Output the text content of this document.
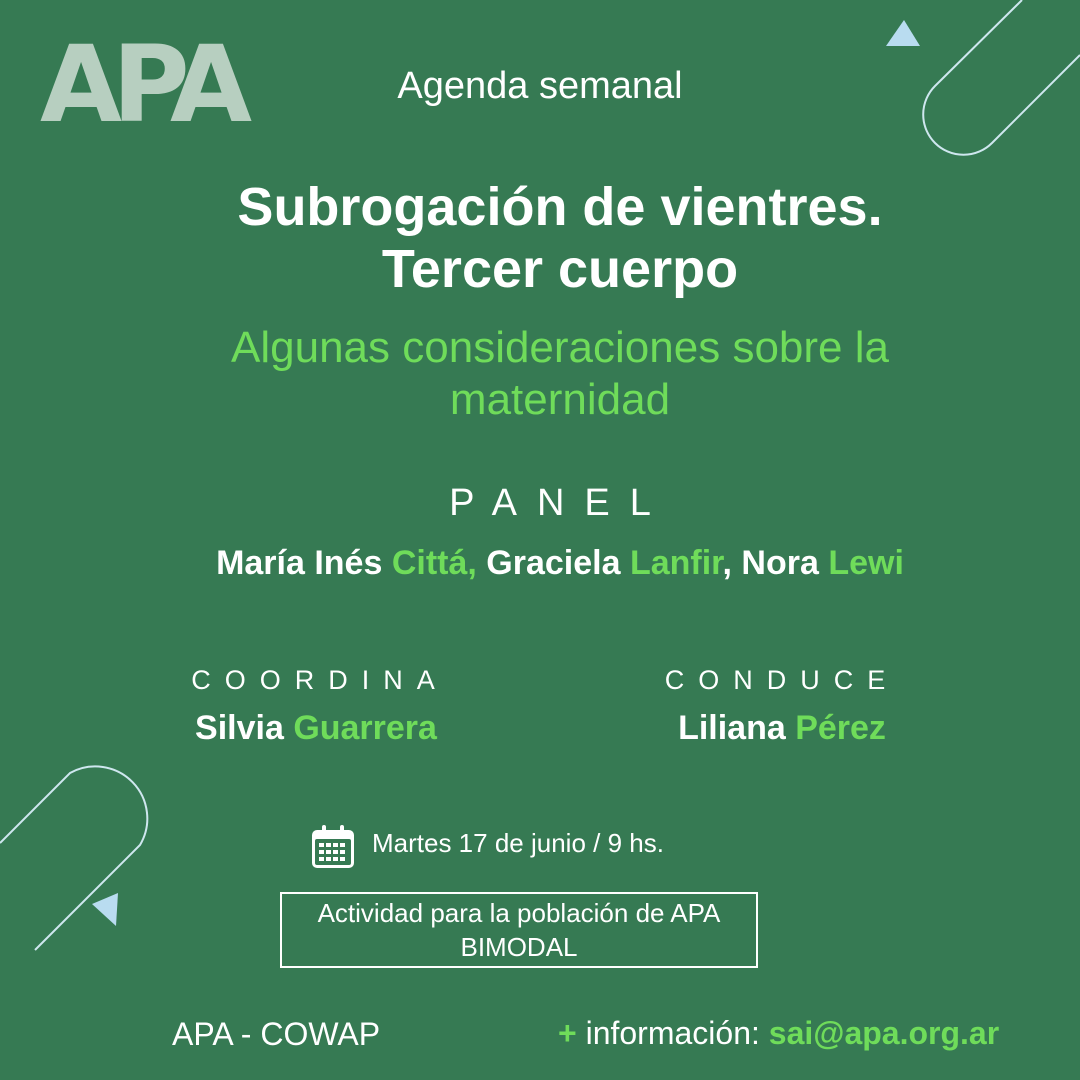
APA	Agenda semanal
Subrogación de vientres.
Tercer cuerpo
Algunas consideraciones sobre la
maternidad
PANEL
María Inés Cittá, Graciela Lanfir, Nora Lewi
COORDINA
Silvia Guarrera
CONDUCE
Liliana Pérez
Martes 17 de junio / 9 hs.
Actividad para la población de APA
BIMODAL
APA - COWAP	+ información: sai@apa.org.ar
